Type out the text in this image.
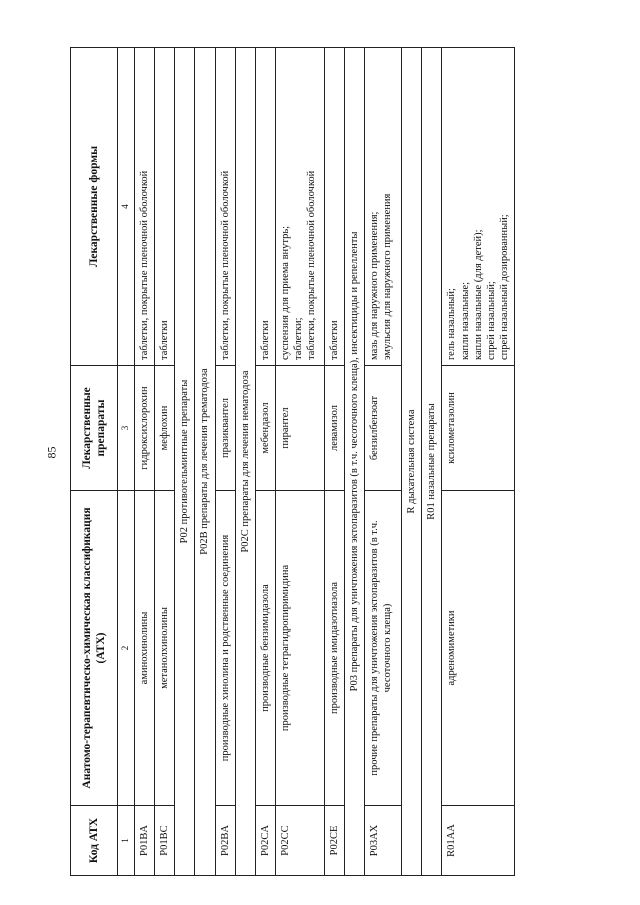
85
Код АТХ	Анатомо-терапевтическо-химическая классификация (АТХ)	Лекарственные препараты	Лекарственные формы
1	2	3	4
P01BA	аминохинолины	гидроксихлорохин	таблетки, покрытые пленочной оболочкой

P01BC	метанолхинолины	мефлохин	таблетки

P02 противогельминтные препараты			
P02B препараты для лечения трематодоза			
P02BA	производные хинолина и родственные соединения	празиквантел	таблетки, покрытые пленочной оболочкой

P02C препараты для лечения нематодоза			
P02CA	производные бензимидазола	мебендазол	таблетки

P02CC	производные тетрагидропиримидина	пирантел	суспензия для приема внутрь; таблетки; таблетки, покрытые пленочной оболочкой

P02CE	производные имидазотиазола	левамизол	таблетки

P03 препараты для уничтожения эктопаразитов (в т.ч. чесоточного клеща), инсектициды и репелленты			
P03AX	прочие препараты для уничтожения эктопаразитов (в т.ч. чесоточного клеща)	бензилбензоат	мазь для наружного применения; эмульсия для наружного применения

R дыхательная система			
R01 назальные препараты			
R01AA	адреномиметики	ксилометазолин	гель назальный; капли назальные; капли назальные (для детей); спрей назальный; спрей назальный дозированный;
